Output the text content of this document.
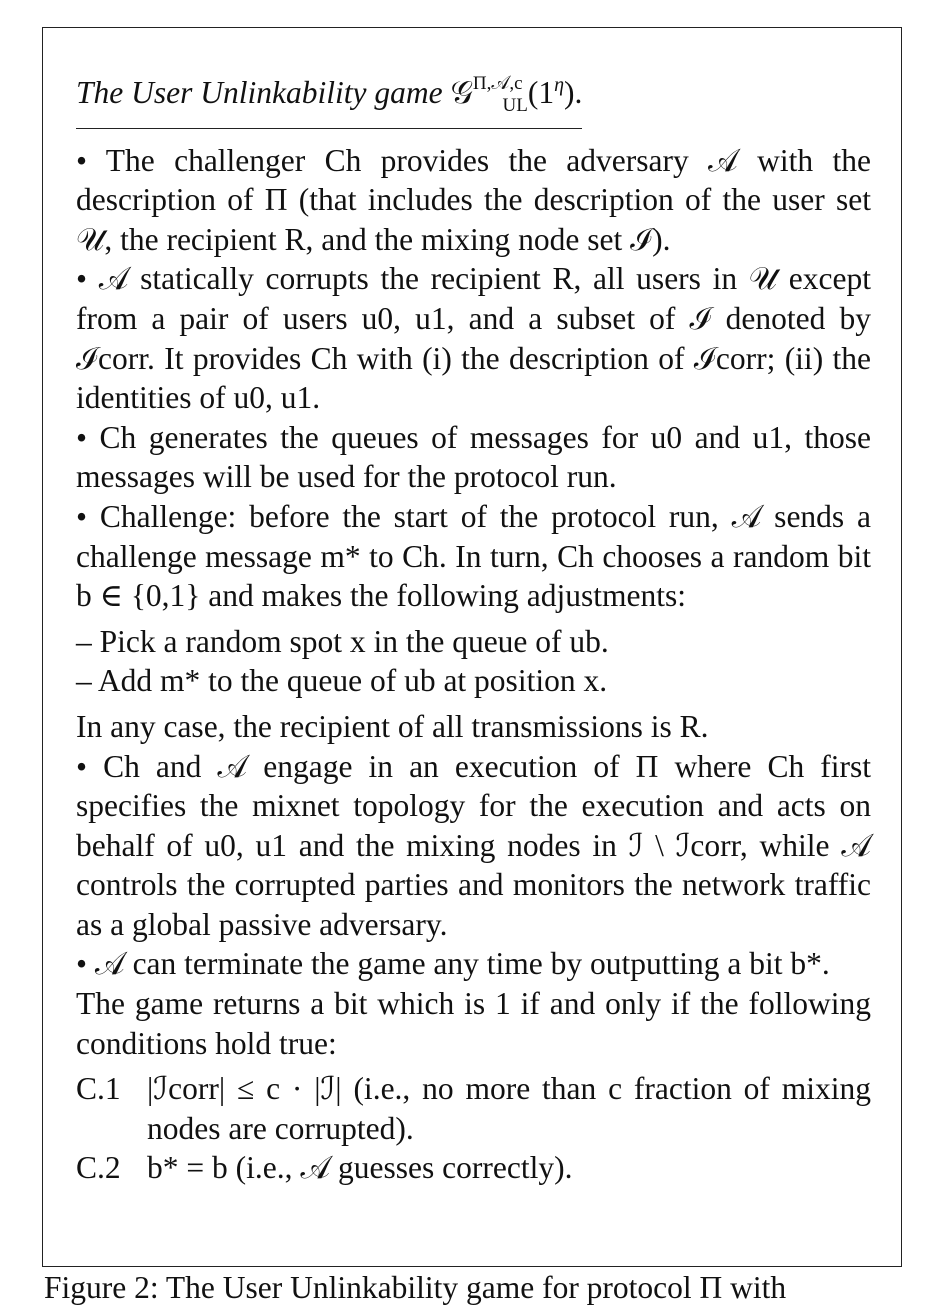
The User Unlinkability game $𝒢^{\Pi,𝒜,c}_{UL}(1^\eta)$.

• The challenger Ch provides the adversary 𝒜 with the description of Π (that includes the description of the user set 𝒰, the recipient R, and the mixing node set ℐ).

• 𝒜 statically corrupts the recipient R, all users in 𝒰 except from a pair of users u0, u1, and a subset of ℐ denoted by ℐcorr. It provides Ch with (i) the description of ℐcorr; (ii) the identities of u0, u1.

• Ch generates the queues of messages for u0 and u1, those messages will be used for the protocol run.

• Challenge: before the start of the protocol run, 𝒜 sends a challenge message m* to Ch. In turn, Ch chooses a random bit b ∈ {0,1} and makes the following adjustments:

– Pick a random spot x in the queue of ub.

– Add m* to the queue of ub at position x.

In any case, the recipient of all transmissions is R.

• Ch and 𝒜 engage in an execution of Π where Ch first specifies the mixnet topology for the execution and acts on behalf of u0, u1 and the mixing nodes in ℐ \ ℐcorr, while 𝒜 controls the corrupted parties and monitors the network traffic as a global passive adversary.

• 𝒜 can terminate the game any time by outputting a bit b*.

The game returns a bit which is 1 if and only if the following conditions hold true:

C.1 |ℐcorr| ≤ c · |ℐ| (i.e., no more than c fraction of mixing nodes are corrupted).
C.2 b* = b (i.e., 𝒜 guesses correctly).
Figure 2: The User Unlinkability game for protocol Π with
